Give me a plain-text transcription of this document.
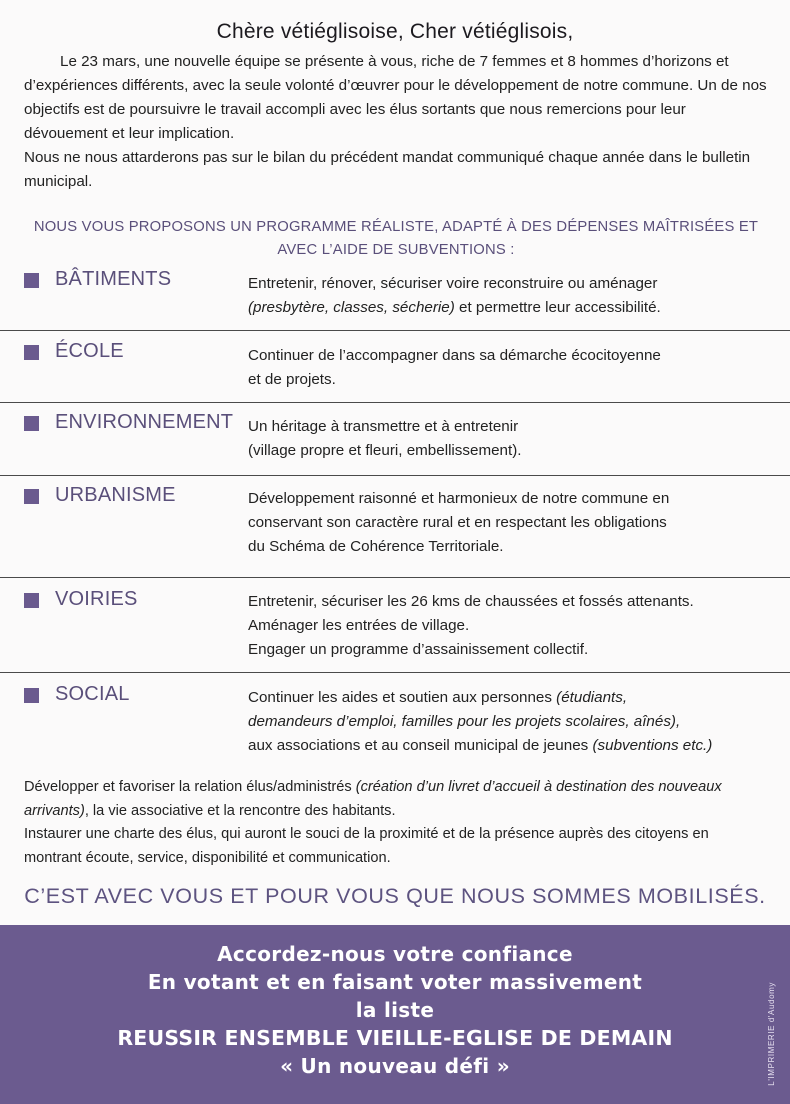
Chère vétiéglisoise, Cher vétiéglisois,

Le 23 mars, une nouvelle équipe se présente à vous, riche de 7 femmes et 8 hommes d’horizons et d’expériences différents, avec la seule volonté d’œuvrer pour le développement de notre commune. Un de nos objectifs est de poursuivre le travail accompli avec les élus sortants que nous remercions pour leur dévouement et leur implication.

Nous ne nous attarderons pas sur le bilan du précédent mandat communiqué chaque année dans le bulletin municipal.

NOUS VOUS PROPOSONS UN PROGRAMME RÉALISTE, ADAPTÉ À DES DÉPENSES MAÎTRISÉES ET
AVEC L’AIDE DE SUBVENTIONS :
BÂTIMENTS	Entretenir, rénover, sécuriser voire reconstruire ou aménager
(presbytère, classes, sécherie) et permettre leur accessibilité.
ÉCOLE	Continuer de l’accompagner dans sa démarche écocitoyenne
et de projets.
ENVIRONNEMENT Un héritage à transmettre et à entretenir
(village propre et fleuri, embellissement).
URBANISME	Développement raisonné et harmonieux de notre commune en
conservant son caractère rural et en respectant les obligations
du Schéma de Cohérence Territoriale.
VOIRIES	Entretenir, sécuriser les 26 kms de chaussées et fossés attenants.
Aménager les entrées de village.
Engager un programme d’assainissement collectif.
SOCIAL	Continuer les aides et soutien aux personnes (étudiants,
demandeurs d’emploi, familles pour les projets scolaires, aînés),
aux associations et au conseil municipal de jeunes (subventions etc.)

Développer et favoriser la relation élus/administrés (création d’un livret d’accueil à destination des nouveaux arrivants), la vie associative et la rencontre des habitants.

Instaurer une charte des élus, qui auront le souci de la proximité et de la présence auprès des citoyens en montrant écoute, service, disponibilité et communication.

C’EST AVEC VOUS ET POUR VOUS QUE NOUS SOMMES MOBILISÉS.
Accordez-nous votre confiance
En votant et en faisant voter massivement
la liste
REUSSIR ENSEMBLE VIEILLE-EGLISE DE DEMAIN
« Un nouveau défi »	L'IMPRIMERIE d'Audomy
